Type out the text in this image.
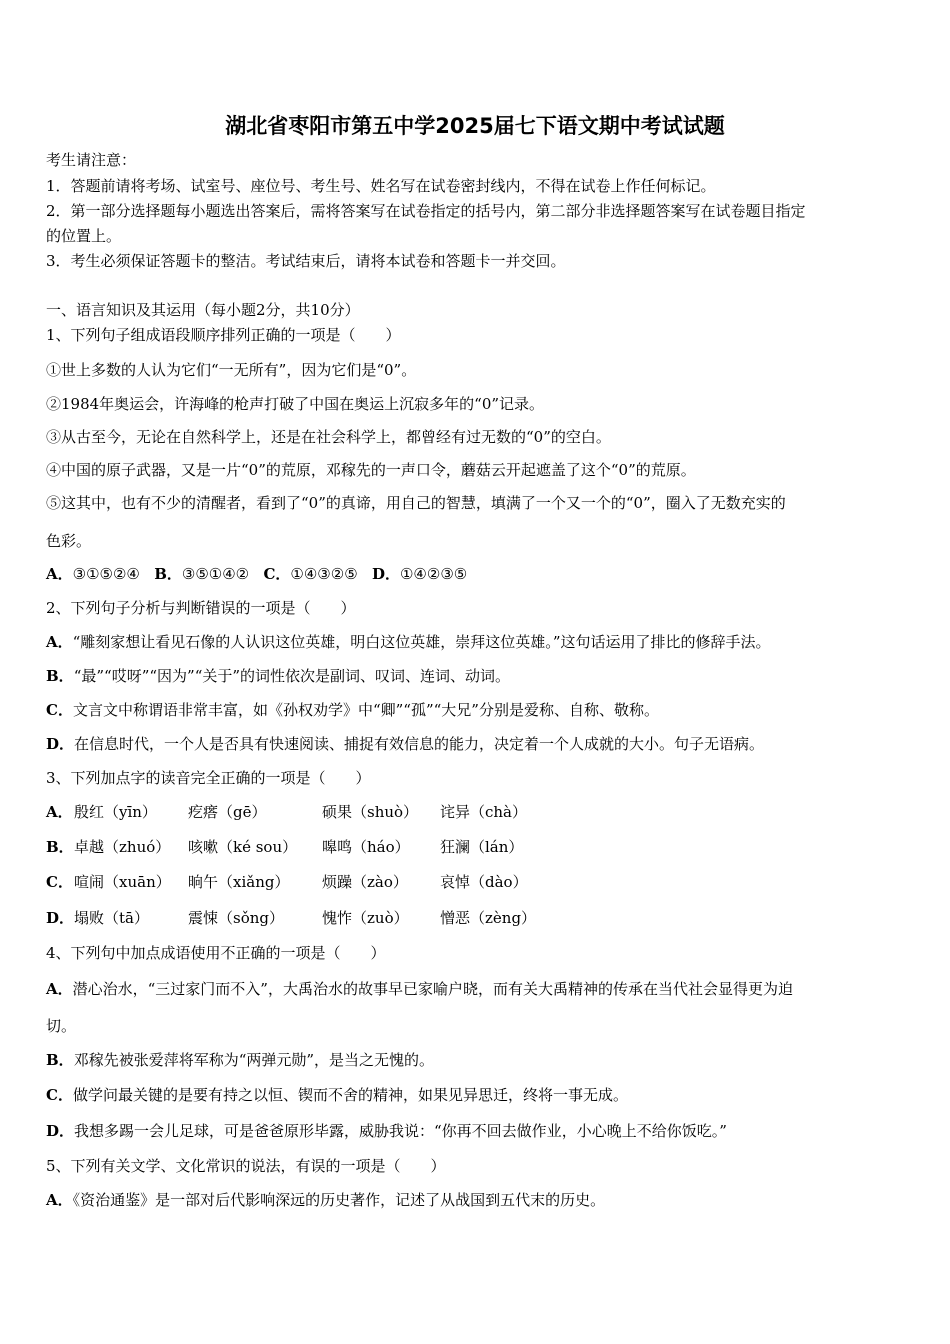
湖北省枣阳市第五中学2025届七下语文期中考试试题
考生请注意：
1．答题前请将考场、试室号、座位号、考生号、姓名写在试卷密封线内，不得在试卷上作任何标记。
2．第一部分选择题每小题选出答案后，需将答案写在试卷指定的括号内，第二部分非选择题答案写在试卷题目指定
的位置上。
3．考生必须保证答题卡的整洁。考试结束后，请将本试卷和答题卡一并交回。
一、语言知识及其运用（每小题2分，共10分）
1、下列句子组成语段顺序排列正确的一项是（　　）
①世上多数的人认为它们“一无所有”，因为它们是“0”。
②1984年奥运会，许海峰的枪声打破了中国在奥运上沉寂多年的“0”记录。
③从古至今，无论在自然科学上，还是在社会科学上，都曾经有过无数的“0”的空白。
④中国的原子武器，又是一片“0”的荒原，邓稼先的一声口令，蘑菇云开起遮盖了这个“0”的荒原。
⑤这其中，也有不少的清醒者，看到了“0”的真谛，用自己的智慧，填满了一个又一个的“0”，圈入了无数充实的
色彩。
A．③①⑤②④ B．③⑤①④② C．①④③②⑤ D．①④②③⑤
2、下列句子分析与判断错误的一项是（　　）
A．“雕刻家想让看见石像的人认识这位英雄，明白这位英雄，崇拜这位英雄。”这句话运用了排比的修辞手法。
B．“最”“哎呀”“因为”“关于”的词性依次是副词、叹词、连词、动词。
C．文言文中称谓语非常丰富，如《孙权劝学》中“卿”“孤”“大兄”分别是爱称、自称、敬称。
D．在信息时代，一个人是否具有快速阅读、捕捉有效信息的能力，决定着一个人成就的大小。句子无语病。
3、下列加点字的读音完全正确的一项是（　　）
A． 殷红（yīn） 疙瘩（gē）	硕果（shuò） 诧异（chà）
B． 卓越（zhuó） 咳嗽（ké sou） 嗥鸣（háo） 狂澜（lán）
C． 喧闹（xuān） 晌午（xiǎng） 烦躁（zào） 哀悼（dào）
D． 塌败（tā）	震悚（sǒng）	愧怍（zuò） 憎恶（zèng）
4、下列句中加点成语使用不正确的一项是（　　）
A．潜心治水，“三过家门而不入”，大禹治水的故事早已家喻户晓，而有关大禹精神的传承在当代社会显得更为迫
切。
B．邓稼先被张爱萍将军称为“两弹元勋”，是当之无愧的。
C．做学问最关键的是要有持之以恒、锲而不舍的精神，如果见异思迁，终将一事无成。
D．我想多踢一会儿足球，可是爸爸原形毕露，威胁我说：“你再不回去做作业，小心晚上不给你饭吃。”
5、下列有关文学、文化常识的说法，有误的一项是（　　）
A．《资治通鉴》是一部对后代影响深远的历史著作，记述了从战国到五代末的历史。
